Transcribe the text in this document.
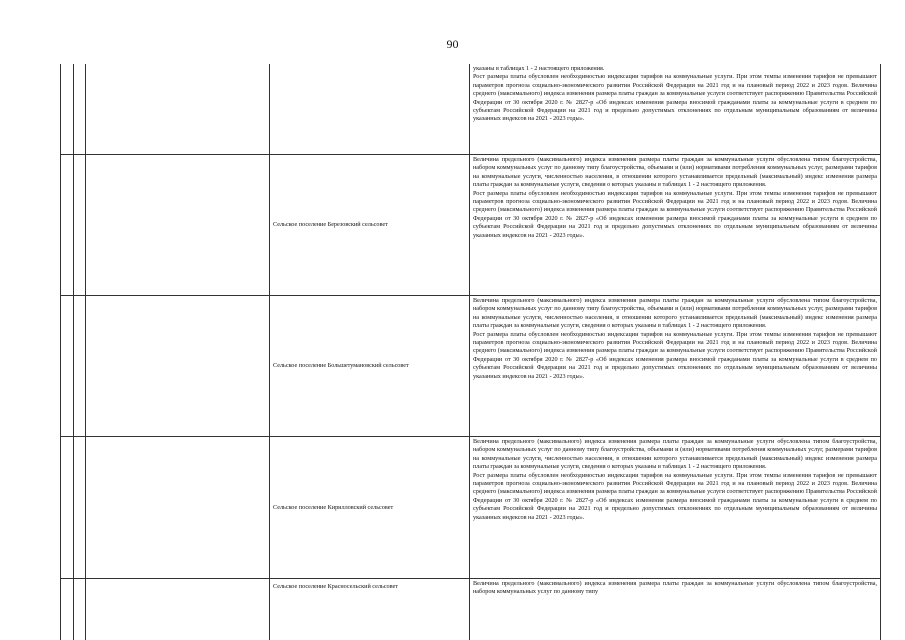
90

указаны в таблицах 1 - 2 настоящего приложения.

Рост размера платы обусловлен необходимостью индексации тарифов на коммунальные услуги. При этом темпы изменения тарифов не превышают параметров прогноза социально-экономического развития Российской Федерации на 2021 год и на плановый период 2022 и 2023 годов. Величина среднего (максимального) индекса изменения размера платы граждан за коммунальные услуги соответствует распоряжению Правительства Российской Федерации от 30 октября 2020 г. № 2827-р «Об индексах изменения размера вносимой гражданами платы за коммунальные услуги в среднем по субъектам Российской Федерации на 2021 год и предельно допустимых отклонениях по отдельным муниципальным образованиям от величины указанных индексов на 2021 - 2023 годы».

Сельское поселение Березовский сельсовет

Величина предельного (максимального) индекса изменения размера платы граждан за коммунальные услуги обусловлена типом благоустройства, набором коммунальных услуг по данному типу благоустройства, объемами и (или) нормативами потребления коммунальных услуг, размерами тарифов на коммунальные услуги, численностью населения, в отношении которого устанавливается предельный (максимальный) индекс изменения размера платы граждан за коммунальные услуги, сведения о которых указаны в таблицах 1 - 2 настоящего приложения.

Рост размера платы обусловлен необходимостью индексации тарифов на коммунальные услуги. При этом темпы изменения тарифов не превышают параметров прогноза социально-экономического развития Российской Федерации на 2021 год и на плановый период 2022 и 2023 годов. Величина среднего (максимального) индекса изменения размера платы граждан за коммунальные услуги соответствует распоряжению Правительства Российской Федерации от 30 октября 2020 г. № 2827-р «Об индексах изменения размера вносимой гражданами платы за коммунальные услуги в среднем по субъектам Российской Федерации на 2021 год и предельно допустимых отклонениях по отдельным муниципальным образованиям от величины указанных индексов на 2021 - 2023 годы».

Сельское поселение Большетумановский сельсовет

Величина предельного (максимального) индекса изменения размера платы граждан за коммунальные услуги обусловлена типом благоустройства, набором коммунальных услуг по данному типу благоустройства, объемами и (или) нормативами потребления коммунальных услуг, размерами тарифов на коммунальные услуги, численностью населения, в отношении которого устанавливается предельный (максимальный) индекс изменения размера платы граждан за коммунальные услуги, сведения о которых указаны в таблицах 1 - 2 настоящего приложения.

Рост размера платы обусловлен необходимостью индексации тарифов на коммунальные услуги. При этом темпы изменения тарифов не превышают параметров прогноза социально-экономического развития Российской Федерации на 2021 год и на плановый период 2022 и 2023 годов. Величина среднего (максимального) индекса изменения размера платы граждан за коммунальные услуги соответствует распоряжению Правительства Российской Федерации от 30 октября 2020 г. № 2827-р «Об индексах изменения размера вносимой гражданами платы за коммунальные услуги в среднем по субъектам Российской Федерации на 2021 год и предельно допустимых отклонениях по отдельным муниципальным образованиям от величины указанных индексов на 2021 - 2023 годы».

Сельское поселение Кирилловский сельсовет

Величина предельного (максимального) индекса изменения размера платы граждан за коммунальные услуги обусловлена типом благоустройства, набором коммунальных услуг по данному типу благоустройства, объемами и (или) нормативами потребления коммунальных услуг, размерами тарифов на коммунальные услуги, численностью населения, в отношении которого устанавливается предельный (максимальный) индекс изменения размера платы граждан за коммунальные услуги, сведения о которых указаны в таблицах 1 - 2 настоящего приложения.

Рост размера платы обусловлен необходимостью индексации тарифов на коммунальные услуги. При этом темпы изменения тарифов не превышают параметров прогноза социально-экономического развития Российской Федерации на 2021 год и на плановый период 2022 и 2023 годов. Величина среднего (максимального) индекса изменения размера платы граждан за коммунальные услуги соответствует распоряжению Правительства Российской Федерации от 30 октября 2020 г. № 2827-р «Об индексах изменения размера вносимой гражданами платы за коммунальные услуги в среднем по субъектам Российской Федерации на 2021 год и предельно допустимых отклонениях по отдельным муниципальным образованиям от величины указанных индексов на 2021 - 2023 годы».

Сельское поселение Красносельский сельсовет	Величина предельного (максимального) индекса изменения размера платы граждан за коммунальные услуги обусловлена типом благоустройства, набором коммунальных услуг по данному типу
